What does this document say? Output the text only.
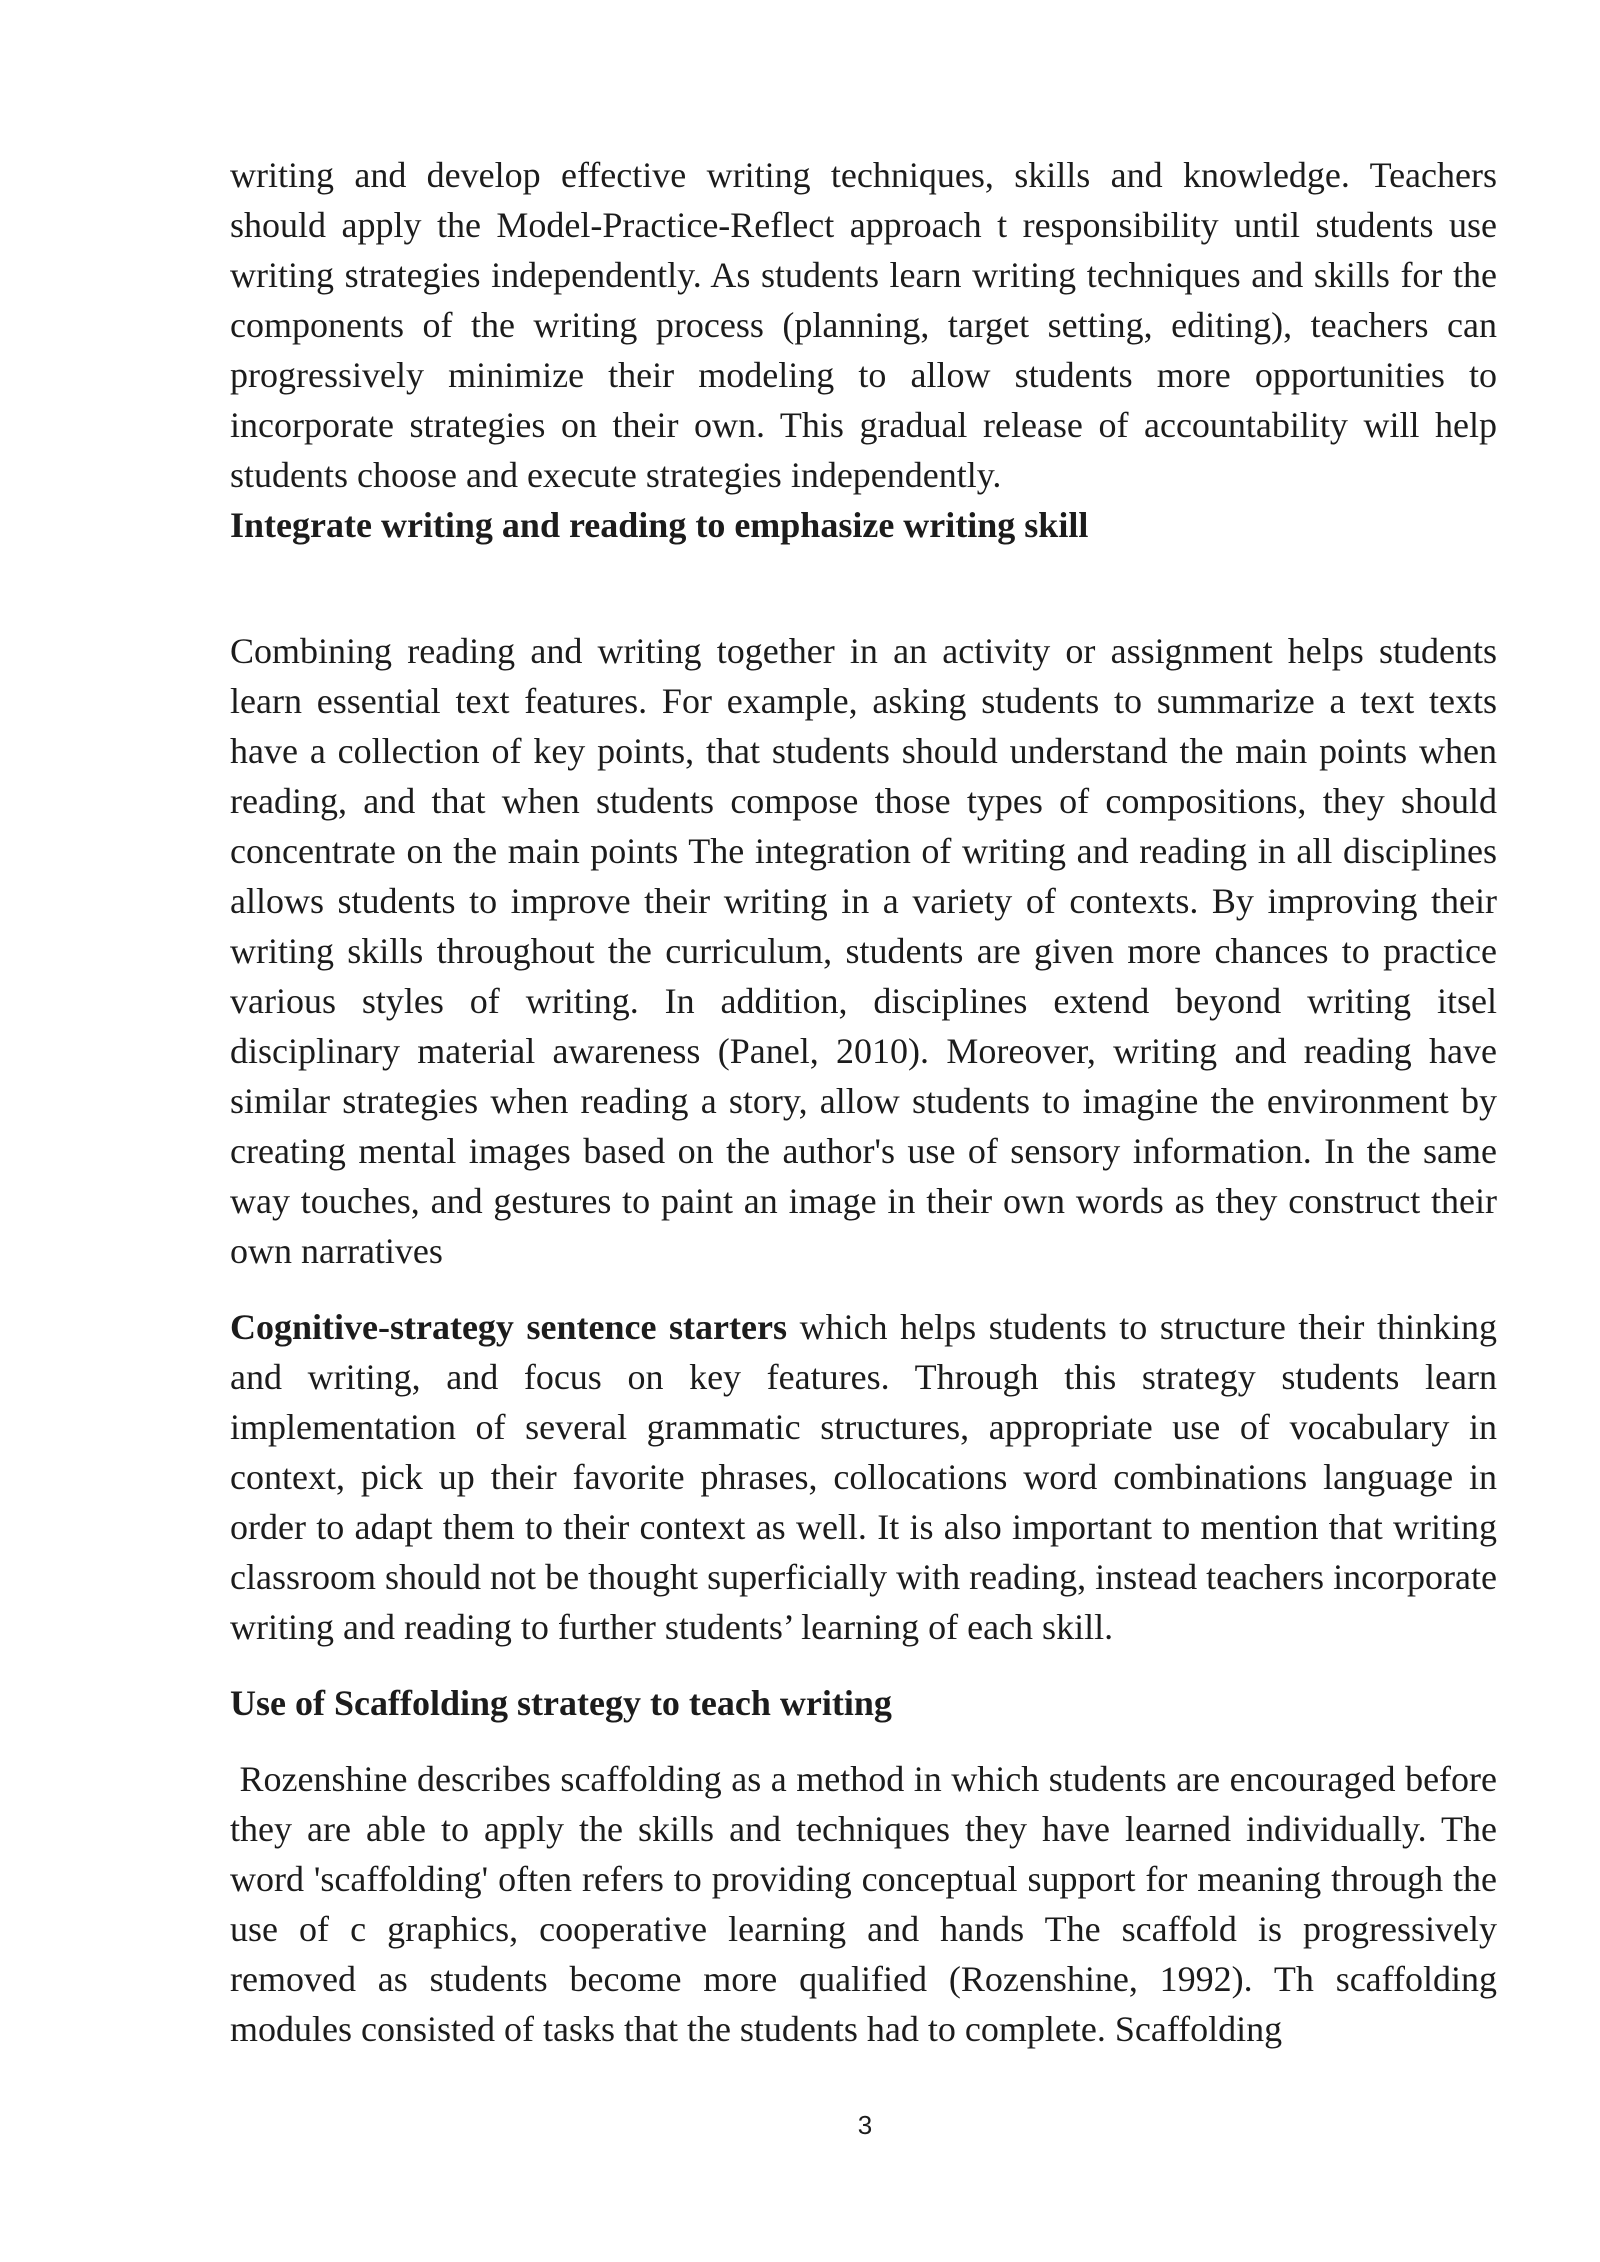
writing and develop effective writing techniques, skills and knowledge. Teachers should apply the Model-Practice-Reflect approach t responsibility until students use writing strategies independently. As students learn writing techniques and skills for the components of the writing process (planning, target setting, editing), teachers can progressively minimize their modeling to allow students more opportunities to incorporate strategies on their own. This gradual release of accountability will help students choose and execute strategies independently.

Integrate writing and reading to emphasize writing skill

Combining reading and writing together in an activity or assignment helps students learn essential text features. For example, asking students to summarize a text texts have a collection of key points, that students should understand the main points when reading, and that when students compose those types of compositions, they should concentrate on the main points The integration of writing and reading in all disciplines allows students to improve their writing in a variety of contexts. By improving their writing skills throughout the curriculum, students are given more chances to practice various styles of writing. In addition, disciplines extend beyond writing itsel disciplinary material awareness (Panel, 2010). Moreover, writing and reading have similar strategies when reading a story, allow students to imagine the environment by creating mental images based on the author's use of sensory information. In the same way touches, and gestures to paint an image in their own words as they construct their own narratives

Cognitive-strategy sentence starters which helps students to structure their thinking and writing, and focus on key features. Through this strategy students learn implementation of several grammatic structures, appropriate use of vocabulary in context, pick up their favorite phrases, collocations word combinations language in order to adapt them to their context as well. It is also important to mention that writing classroom should not be thought superficially with reading, instead teachers incorporate writing and reading to further students’ learning of each skill.

Use of Scaffolding strategy to teach writing

Rozenshine describes scaffolding as a method in which students are encouraged before they are able to apply the skills and techniques they have learned individually. The word 'scaffolding' often refers to providing conceptual support for meaning through the use of c graphics, cooperative learning and hands The scaffold is progressively removed as students become more qualified (Rozenshine, 1992). Th scaffolding modules consisted of tasks that the students had to complete. Scaffolding

3
